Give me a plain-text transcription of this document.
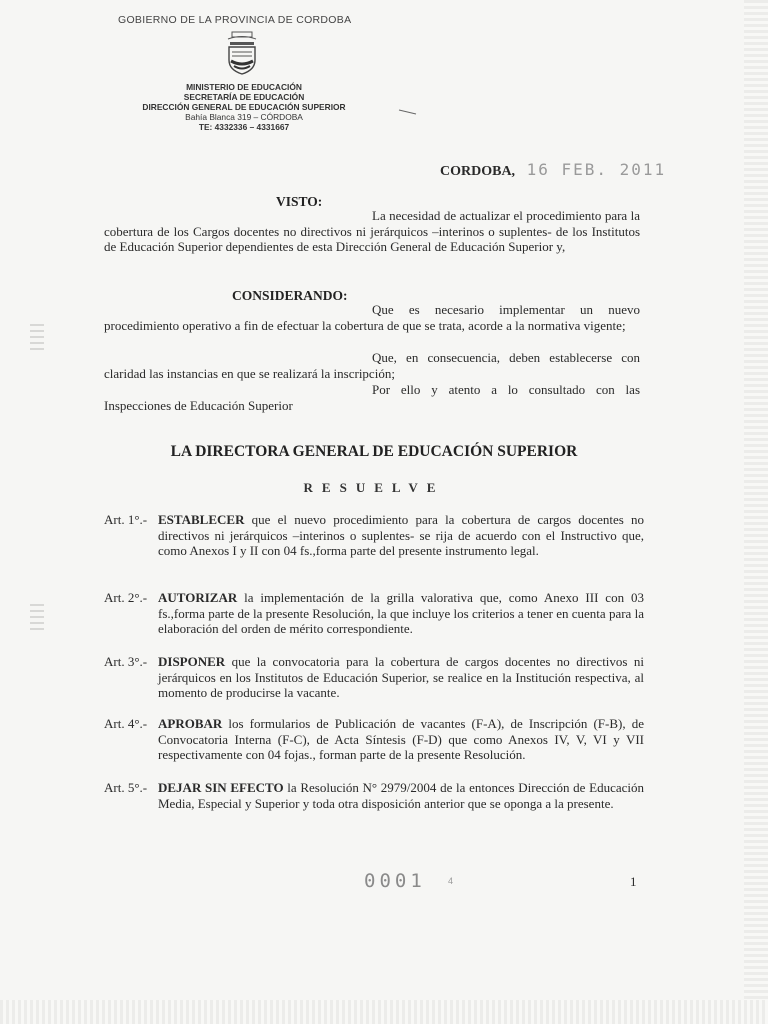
GOBIERNO DE LA PROVINCIA DE CORDOBA
MINISTERIO DE EDUCACIÓN
SECRETARÍA DE EDUCACIÓN
DIRECCIÓN GENERAL DE EDUCACIÓN SUPERIOR
Bahía Blanca 319 – CÓRDOBA
TE: 4332336 – 4331667
CORDOBA, 16 FEB. 2011
VISTO:
La necesidad de actualizar el procedimiento para la cobertura de los Cargos docentes no directivos ni jerárquicos –interinos o suplentes- de los Institutos de Educación Superior dependientes de esta Dirección General de Educación Superior y,
CONSIDERANDO:
Que es necesario implementar un nuevo procedimiento operativo a fin de efectuar la cobertura de que se trata, acorde a la normativa vigente;
Que, en consecuencia, deben establecerse con claridad las instancias en que se realizará la inscripción;
Por ello y atento a lo consultado con las Inspecciones de Educación Superior
LA DIRECTORA GENERAL DE EDUCACIÓN SUPERIOR
RESUELVE
Art. 1°.- ESTABLECER que el nuevo procedimiento para la cobertura de cargos docentes no directivos ni jerárquicos –interinos o suplentes- se rija de acuerdo con el Instructivo que, como Anexos I y II con 04 fs.,forma parte del presente instrumento legal.
Art. 2°.- AUTORIZAR la implementación de la grilla valorativa que, como Anexo III con 03 fs.,forma parte de la presente Resolución, la que incluye los criterios a tener en cuenta para la elaboración del orden de mérito correspondiente.
Art. 3°.- DISPONER que la convocatoria para la cobertura de cargos docentes no directivos ni jerárquicos en los Institutos de Educación Superior, se realice en la Institución respectiva, al momento de producirse la vacante.
Art. 4°.- APROBAR los formularios de Publicación de vacantes (F-A), de Inscripción (F-B), de Convocatoria Interna (F-C), de Acta Síntesis (F-D) que como Anexos IV, V, VI y VII respectivamente con 04 fojas., forman parte de la presente Resolución.
Art. 5°.- DEJAR SIN EFECTO la Resolución N° 2979/2004 de la entonces Dirección de Educación Media, Especial y Superior y toda otra disposición anterior que se oponga a la presente.
0001 4	1
